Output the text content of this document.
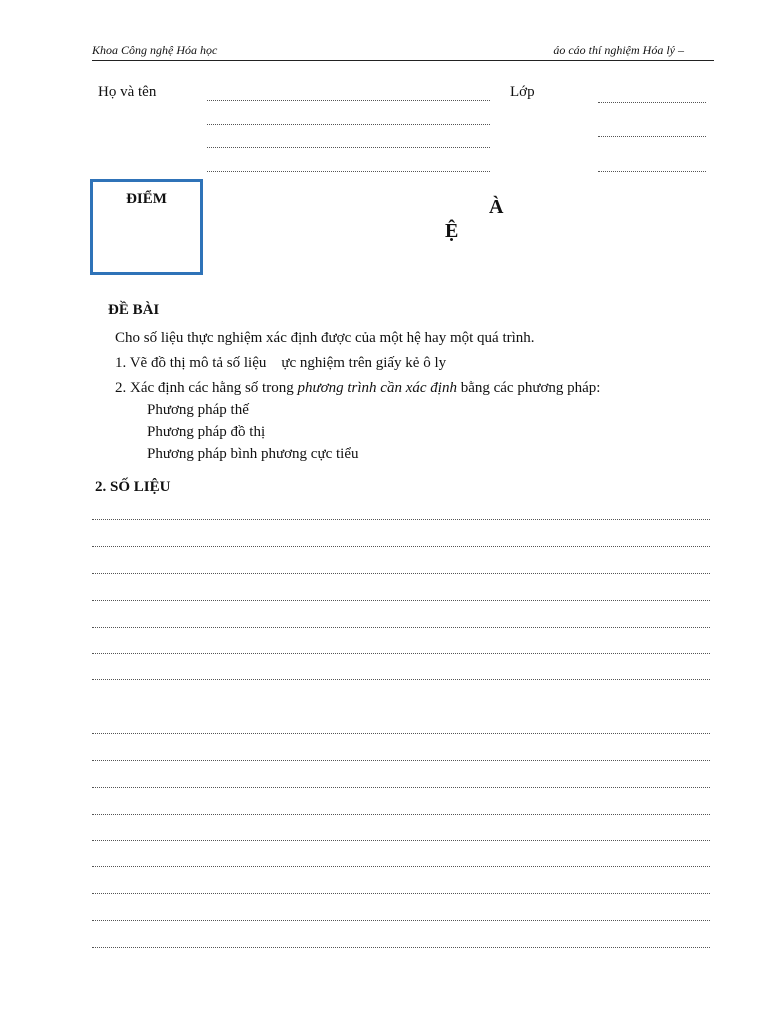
Khoa Công nghệ Hóa học	áo cáo thí nghiệm Hóa lý –
Họ và tên	Lớp
ĐIỂM	À
Ệ
ĐỀ BÀI
Cho số liệu thực nghiệm xác định được của một hệ hay một quá trình.
1. Vẽ đồ thị mô tả số liệu    ực nghiệm trên giấy kẻ ô ly
2. Xác định các hằng số trong phương trình cần xác định bằng các phương pháp:
Phương pháp thế
Phương pháp đồ thị
Phương pháp bình phương cực tiểu
2. SỐ LIỆU
